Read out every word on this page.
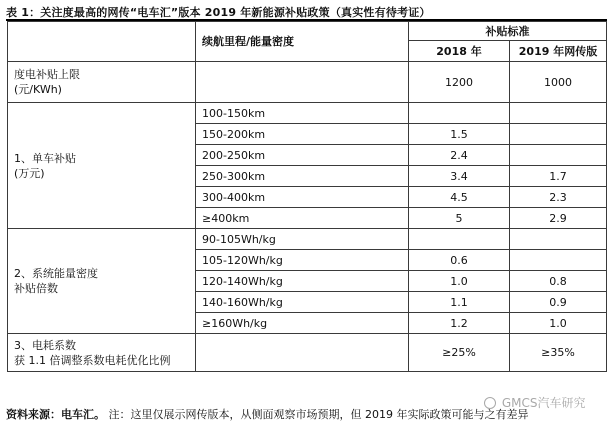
表 1：关注度最高的网传“电车汇”版本 2019 年新能源补贴政策（真实性有待考证）
	续航里程/能量密度	补贴标准	
		2018 年	2019 年网传版

度电补贴上限
(元/KWh)		1200	1000

1、单车补贴
(万元)	100-150km		
	150-200km	1.5	
	200-250km	2.4	
	250-300km	3.4	1.7
	300-400km	4.5	2.3
	≥400km	5	2.9

2、系统能量密度
补贴倍数	90-105Wh/kg		
	105-120Wh/kg	0.6	
	120-140Wh/kg	1.0	0.8
	140-160Wh/kg	1.1	0.9
	≥160Wh/kg	1.2	1.0

3、电耗系数
获 1.1 倍调整系数电耗优化比例		≥25%	≥35%
资料来源：电车汇。 注：这里仅展示网传版本，从侧面观察市场预期，但 2019 年实际政策可能与之有差异
GMCS汽车研究
